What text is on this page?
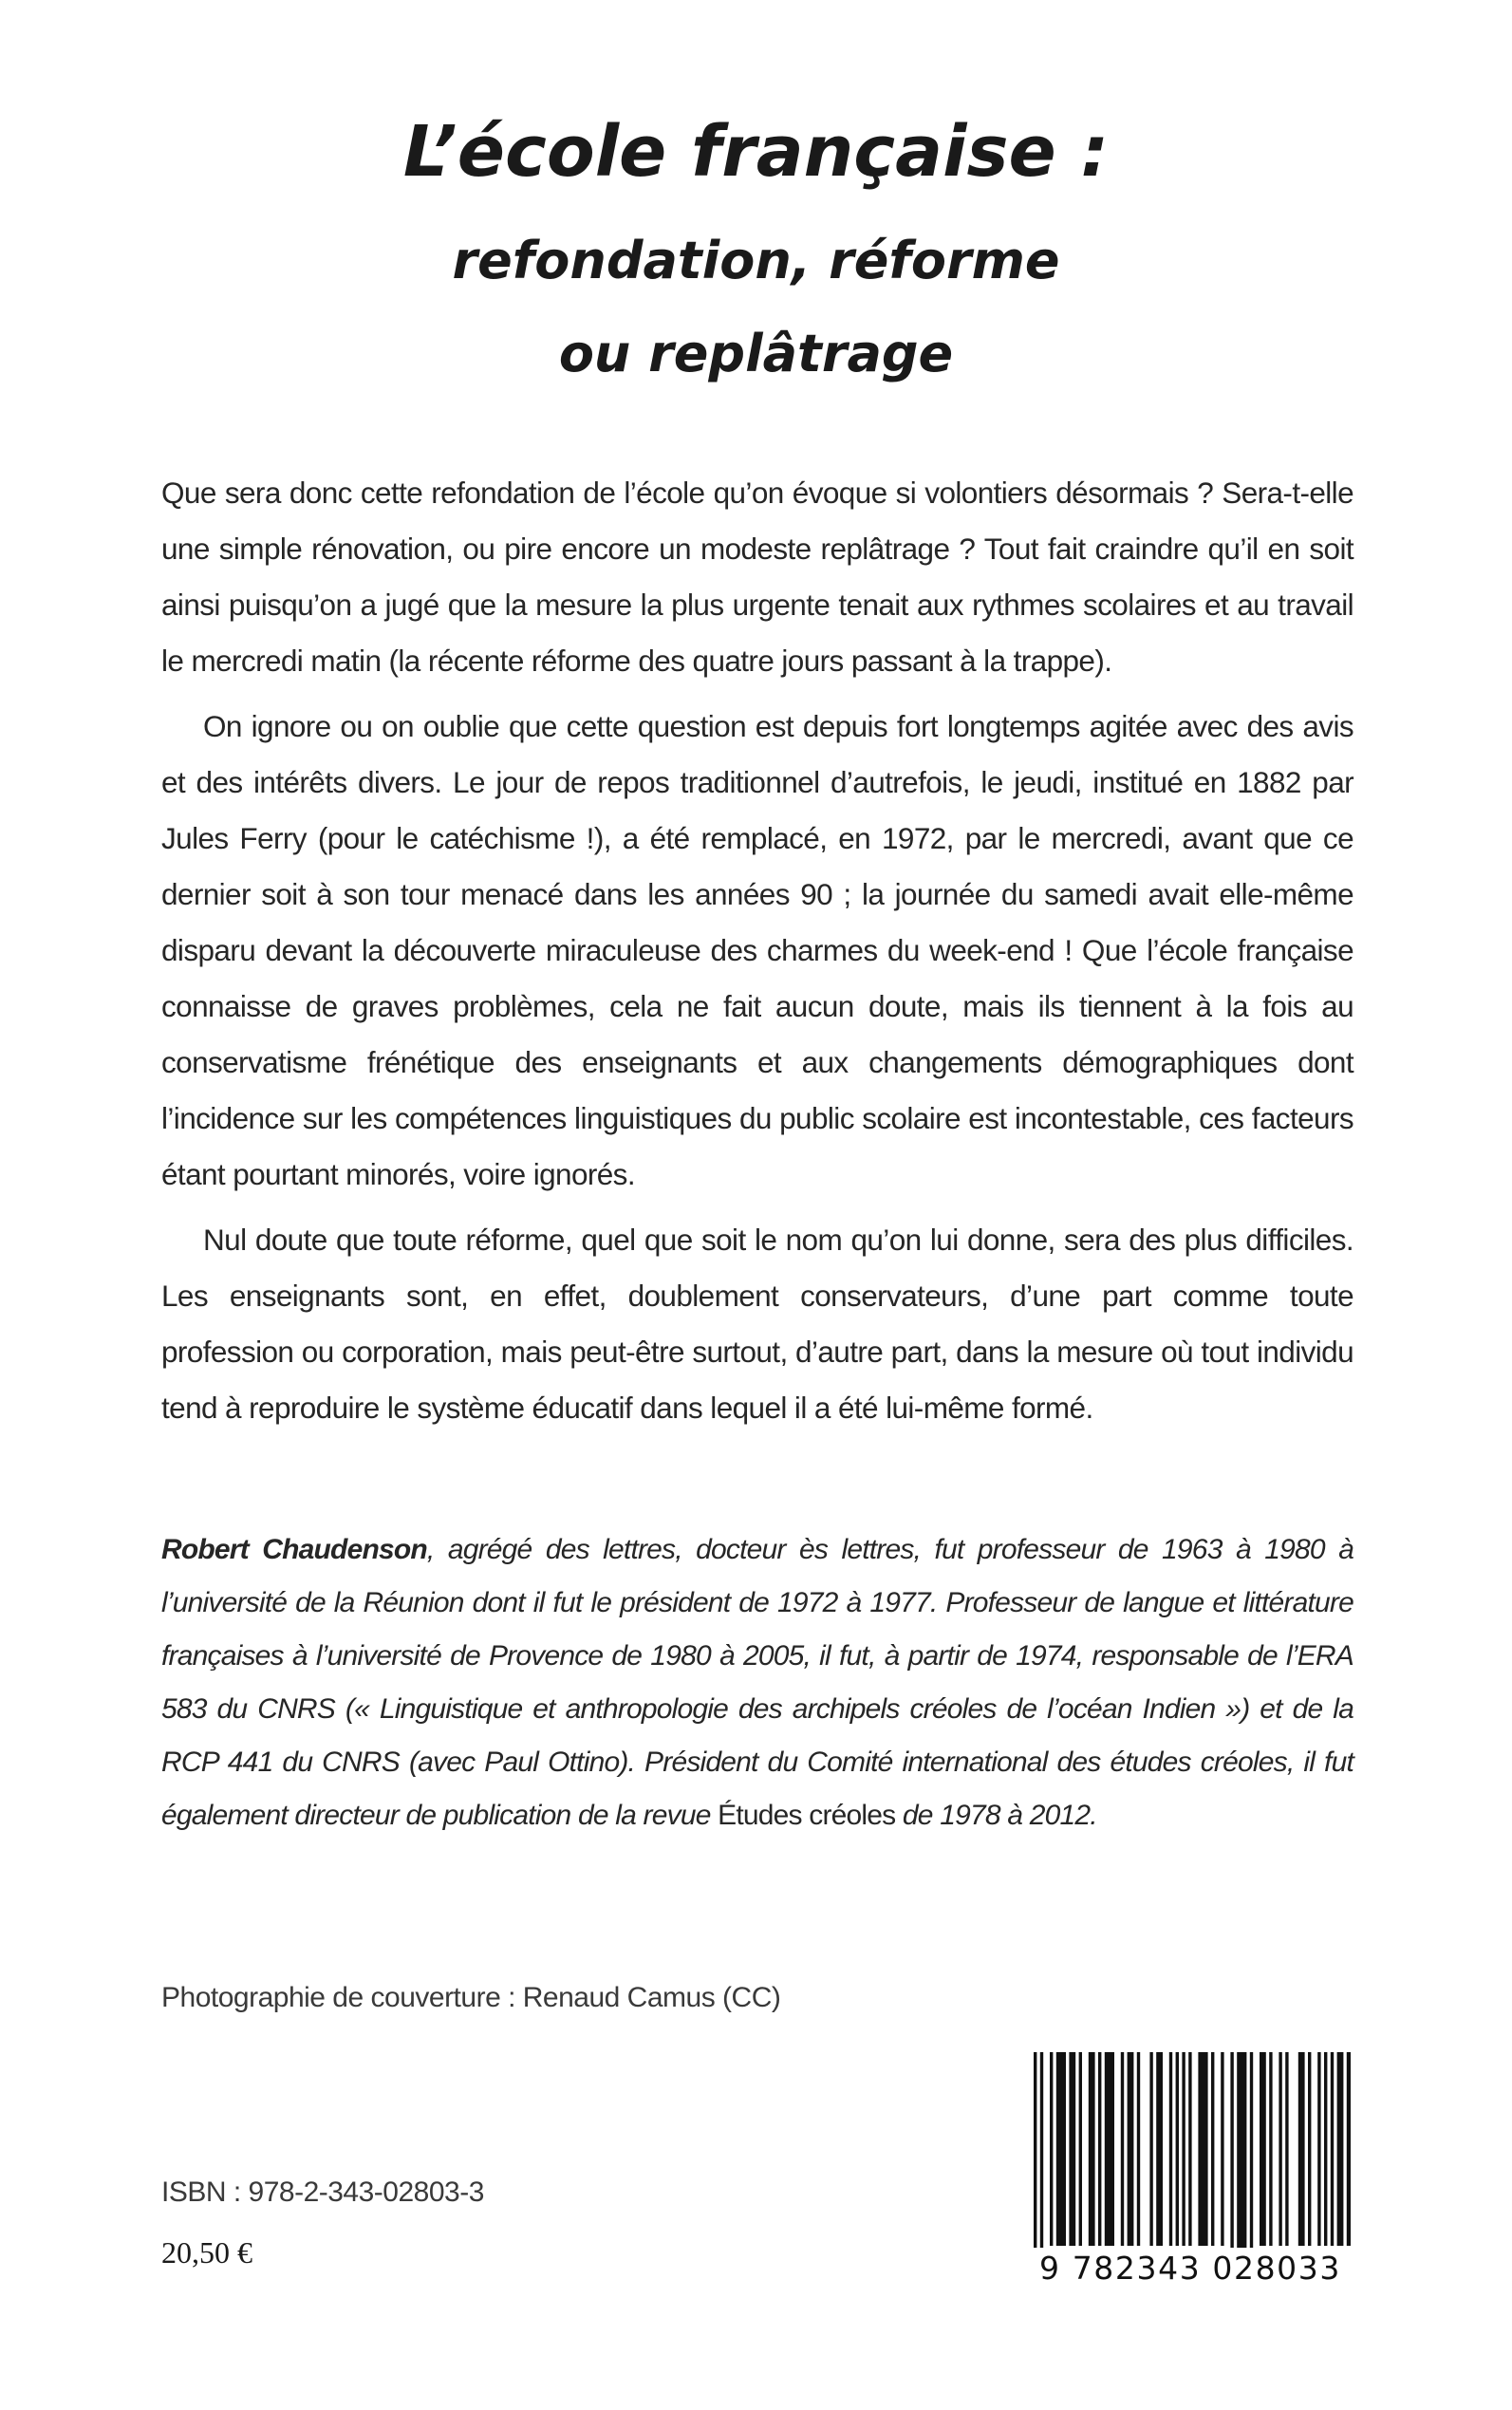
L’école française :
refondation, réforme
ou replâtrage

Que sera donc cette refondation de l’école qu’on évoque si volontiers désormais ? Sera-t-elle une simple rénovation, ou pire encore un modeste replâtrage ? Tout fait craindre qu’il en soit ainsi puisqu’on a jugé que la mesure la plus urgente tenait aux rythmes scolaires et au travail le mercredi matin (la récente réforme des quatre jours passant à la trappe).

On ignore ou on oublie que cette question est depuis fort longtemps agitée avec des avis et des intérêts divers. Le jour de repos traditionnel d’autrefois, le jeudi, institué en 1882 par Jules Ferry (pour le catéchisme !), a été remplacé, en 1972, par le mercredi, avant que ce dernier soit à son tour menacé dans les années 90 ; la journée du samedi avait elle-même disparu devant la découverte miraculeuse des charmes du week-end ! Que l’école française connaisse de graves problèmes, cela ne fait aucun doute, mais ils tiennent à la fois au conservatisme frénétique des enseignants et aux changements démographiques dont l’incidence sur les compétences linguistiques du public scolaire est incontestable, ces facteurs étant pourtant minorés, voire ignorés.

Nul doute que toute réforme, quel que soit le nom qu’on lui donne, sera des plus difficiles. Les enseignants sont, en effet, doublement conservateurs, d’une part comme toute profession ou corporation, mais peut-être surtout, d’autre part, dans la mesure où tout individu tend à reproduire le système éducatif dans lequel il a été lui-même formé.

Robert Chaudenson, agrégé des lettres, docteur ès lettres, fut professeur de 1963 à 1980 à l’université de la Réunion dont il fut le président de 1972 à 1977. Professeur de langue et littérature françaises à l’université de Provence de 1980 à 2005, il fut, à partir de 1974, responsable de l’ERA 583 du CNRS (« Linguistique et anthropologie des archipels créoles de l’océan Indien ») et de la RCP 441 du CNRS (avec Paul Ottino). Président du Comité international des études créoles, il fut également directeur de publication de la revue Études créoles de 1978 à 2012.
Photographie de couverture : Renaud Camus (CC)
ISBN : 978-2-343-02803-3
20,50 €	9 782343 028033
